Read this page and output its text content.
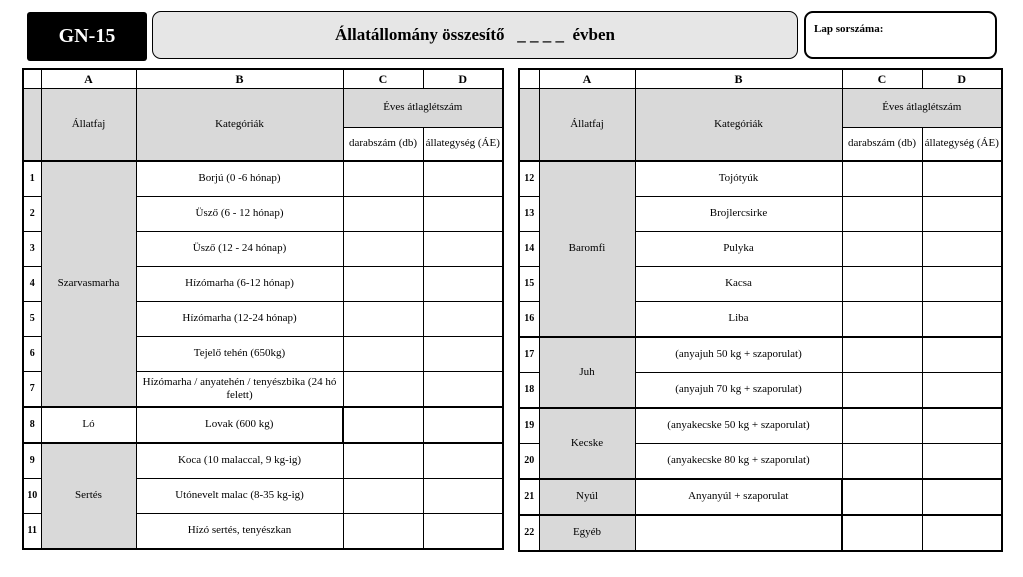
GN-15	Állatállomány összesítő   _ _ _ _  évben	Lap sorszáma:
	A	B	C	D
	Állatfaj	Kategóriák	Éves átlaglétszám	
			darabszám (db)	állategység (ÁE)
1	Szarvasmarha	Borjú (0 -6 hónap)		
2		Üsző (6 - 12 hónap)		
3		Üsző (12 - 24 hónap)		
4		Hízómarha (6-12 hónap)		
5		Hízómarha (12-24 hónap)		
6		Tejelő tehén (650kg)		
7		Hízómarha / anyatehén / tenyészbika (24 hó felett)		
8	Ló	Lovak (600 kg)		
9	Sertés	Koca (10 malaccal, 9 kg-ig)		
10		Utónevelt malac (8-35 kg-ig)		
11		Hízó sertés, tenyészkan		
	A	B	C	D
	Állatfaj	Kategóriák	Éves átlaglétszám	
			darabszám (db)	állategység (ÁE)
12	Baromfi	Tojótyúk		
13		Brojlercsirke		
14		Pulyka		
15		Kacsa		
16		Liba		
17	Juh	(anyajuh 50 kg + szaporulat)		
18		(anyajuh 70 kg + szaporulat)		
19	Kecske	(anyakecske 50 kg + szaporulat)		
20		(anyakecske 80 kg + szaporulat)		
21	Nyúl	Anyanyúl + szaporulat		
22	Egyéb			
